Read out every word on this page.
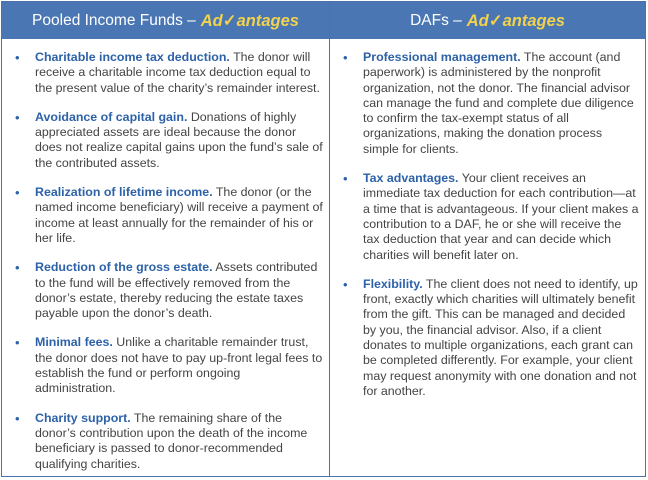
Pooled Income Funds – Ad✓antages
• Charitable income tax deduction. The donor will receive a charitable income tax deduction equal to the present value of the charity’s remainder interest.
• Avoidance of capital gain. Donations of highly appreciated assets are ideal because the donor does not realize capital gains upon the fund’s sale of the contributed assets.
• Realization of lifetime income. The donor (or the named income beneficiary) will receive a payment of income at least annually for the remainder of his or her life.
• Reduction of the gross estate. Assets contributed to the fund will be effectively removed from the donor’s estate, thereby reducing the estate taxes payable upon the donor’s death.
• Minimal fees. Unlike a charitable remainder trust, the donor does not have to pay up-front legal fees to establish the fund or perform ongoing administration.
• Charity support. The remaining share of the donor’s contribution upon the death of the income beneficiary is passed to donor-recommended qualifying charities.
DAFs – Ad✓antages
• Professional management. The account (and paperwork) is administered by the nonprofit organization, not the donor. The financial advisor can manage the fund and complete due diligence to confirm the tax-exempt status of all organizations, making the donation process simple for clients.
• Tax advantages. Your client receives an immediate tax deduction for each contribution—at a time that is advantageous. If your client makes a contribution to a DAF, he or she will receive the tax deduction that year and can decide which charities will benefit later on.
• Flexibility. The client does not need to identify, up front, exactly which charities will ultimately benefit from the gift. This can be managed and decided by you, the financial advisor. Also, if a client donates to multiple organizations, each grant can be completed differently. For example, your client may request anonymity with one donation and not for another.
